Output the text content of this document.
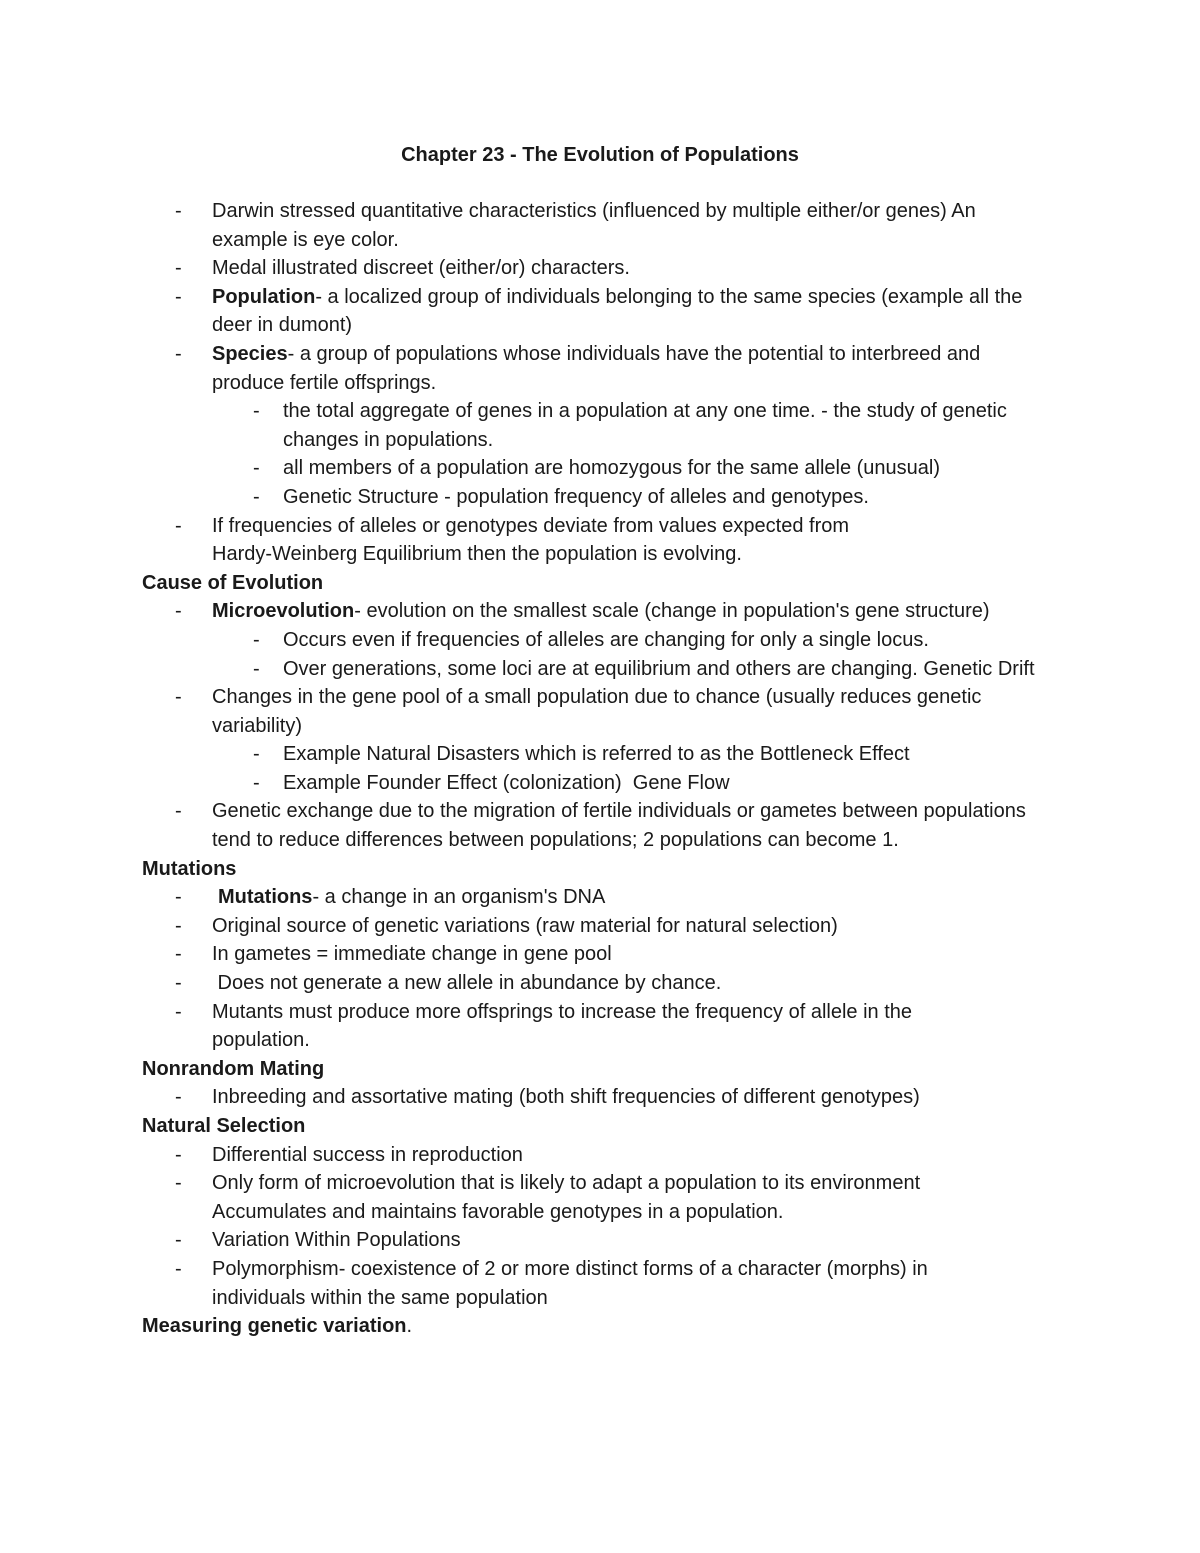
Chapter 23 - The Evolution of Populations
- Darwin stressed quantitative characteristics (influenced by multiple either/or genes) An example is eye color.
- Medal illustrated discreet (either/or) characters.
- Population- a localized group of individuals belonging to the same species (example all the deer in dumont)
- Species- a group of populations whose individuals have the potential to interbreed and produce fertile offsprings.
- the total aggregate of genes in a population at any one time. - the study of genetic changes in populations.
- all members of a population are homozygous for the same allele (unusual)
- Genetic Structure - population frequency of alleles and genotypes.
- If frequencies of alleles or genotypes deviate from values expected from Hardy-Weinberg Equilibrium then the population is evolving.
Cause of Evolution
- Microevolution- evolution on the smallest scale (change in population's gene structure)
- Occurs even if frequencies of alleles are changing for only a single locus.
- Over generations, some loci are at equilibrium and others are changing. Genetic Drift
- Changes in the gene pool of a small population due to chance (usually reduces genetic variability)
- Example Natural Disasters which is referred to as the Bottleneck Effect
- Example Founder Effect (colonization)  Gene Flow
- Genetic exchange due to the migration of fertile individuals or gametes between populations tend to reduce differences between populations; 2 populations can become 1.
Mutations
- Mutations- a change in an organism's DNA
- Original source of genetic variations (raw material for natural selection)
- In gametes = immediate change in gene pool
- Does not generate a new allele in abundance by chance.
- Mutants must produce more offsprings to increase the frequency of allele in the population.
Nonrandom Mating
- Inbreeding and assortative mating (both shift frequencies of different genotypes)
Natural Selection
- Differential success in reproduction
- Only form of microevolution that is likely to adapt a population to its environment Accumulates and maintains favorable genotypes in a population.
- Variation Within Populations
- Polymorphism- coexistence of 2 or more distinct forms of a character (morphs) in individuals within the same population
Measuring genetic variation.
